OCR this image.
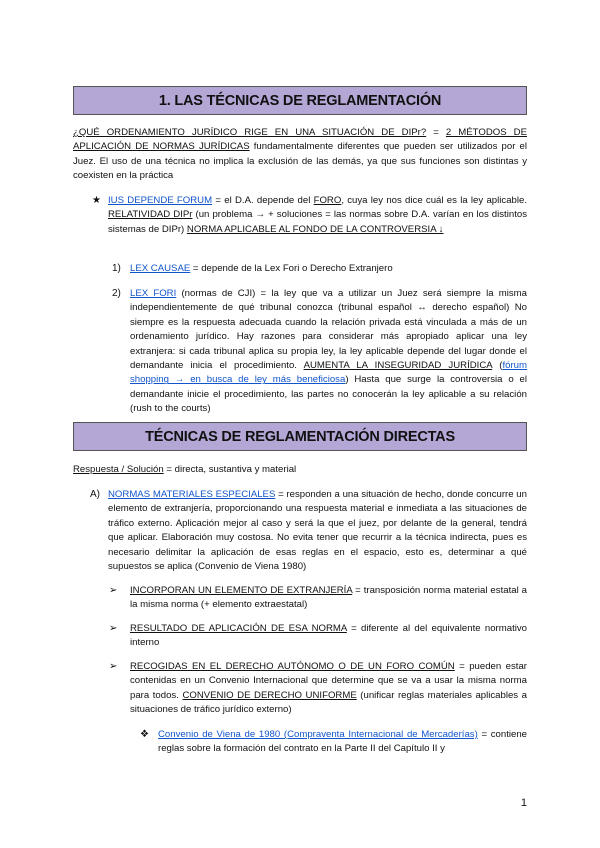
1. LAS TÉCNICAS DE REGLAMENTACIÓN

¿QUÉ ORDENAMIENTO JURÍDICO RIGE EN UNA SITUACIÓN DE DIPr? = 2 MÉTODOS DE APLICACIÓN DE NORMAS JURÍDICAS fundamentalmente diferentes que pueden ser utilizados por el Juez. El uso de una técnica no implica la exclusión de las demás, ya que sus funciones son distintas y coexisten en la práctica

★ IUS DEPENDE FORUM = el D.A. depende del FORO, cuya ley nos dice cuál es la ley aplicable. RELATIVIDAD DIPr (un problema → + soluciones = las normas sobre D.A. varían en los distintos sistemas de DIPr) NORMA APLICABLE AL FONDO DE LA CONTROVERSIA ↓

1) LEX CAUSAE = depende de la Lex Fori o Derecho Extranjero

2) LEX FORI (normas de CJI) = la ley que va a utilizar un Juez será siempre la misma independientemente de qué tribunal conozca (tribunal español ↔ derecho español) No siempre es la respuesta adecuada cuando la relación privada está vinculada a más de un ordenamiento jurídico. Hay razones para considerar más apropiado aplicar una ley extranjera: si cada tribunal aplica su propia ley, la ley aplicable depende del lugar donde el demandante inicia el procedimiento. AUMENTA LA INSEGURIDAD JURÍDICA (fórum shopping → en busca de ley más beneficiosa) Hasta que surge la controversia o el demandante inicie el procedimiento, las partes no conocerán la ley aplicable a su relación (rush to the courts)

TÉCNICAS DE REGLAMENTACIÓN DIRECTAS

Respuesta / Solución = directa, sustantiva y material

A) NORMAS MATERIALES ESPECIALES = responden a una situación de hecho, donde concurre un elemento de extranjería, proporcionando una respuesta material e inmediata a las situaciones de tráfico externo. Aplicación mejor al caso y será la que el juez, por delante de la general, tendrá que aplicar. Elaboración muy costosa. No evita tener que recurrir a la técnica indirecta, pues es necesario delimitar la aplicación de esas reglas en el espacio, esto es, determinar a qué supuestos se aplica (Convenio de Viena 1980)

➢ INCORPORAN UN ELEMENTO DE EXTRANJERÍA = transposición norma material estatal a la misma norma (+ elemento extraestatal)

➢ RESULTADO DE APLICACIÓN DE ESA NORMA = diferente al del equivalente normativo interno

➢ RECOGIDAS EN EL DERECHO AUTÓNOMO O DE UN FORO COMÚN = pueden estar contenidas en un Convenio Internacional que determine que se va a usar la misma norma para todos. CONVENIO DE DERECHO UNIFORME (unificar reglas materiales aplicables a situaciones de tráfico jurídico externo)

❖ Convenio de Viena de 1980 (Compraventa Internacional de Mercaderías) = contiene reglas sobre la formación del contrato en la Parte II del Capítulo II y

1
